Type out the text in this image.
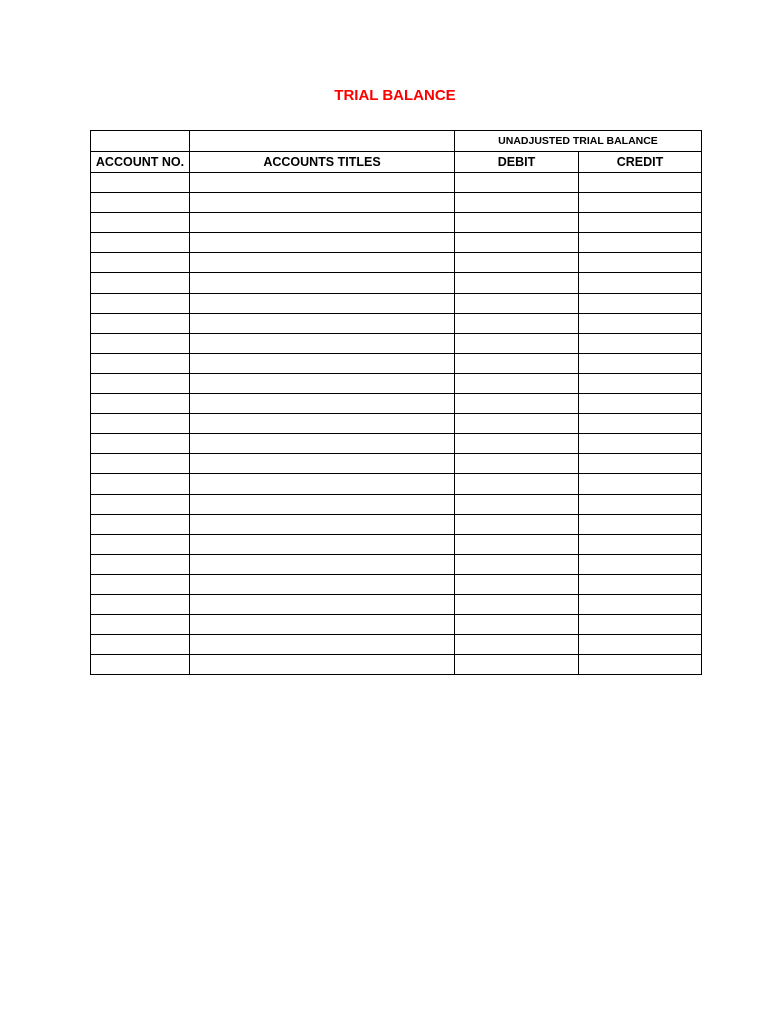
TRIAL BALANCE
		UNADJUSTED TRIAL BALANCE	
ACCOUNT NO.	ACCOUNTS TITLES	DEBIT	CREDIT
